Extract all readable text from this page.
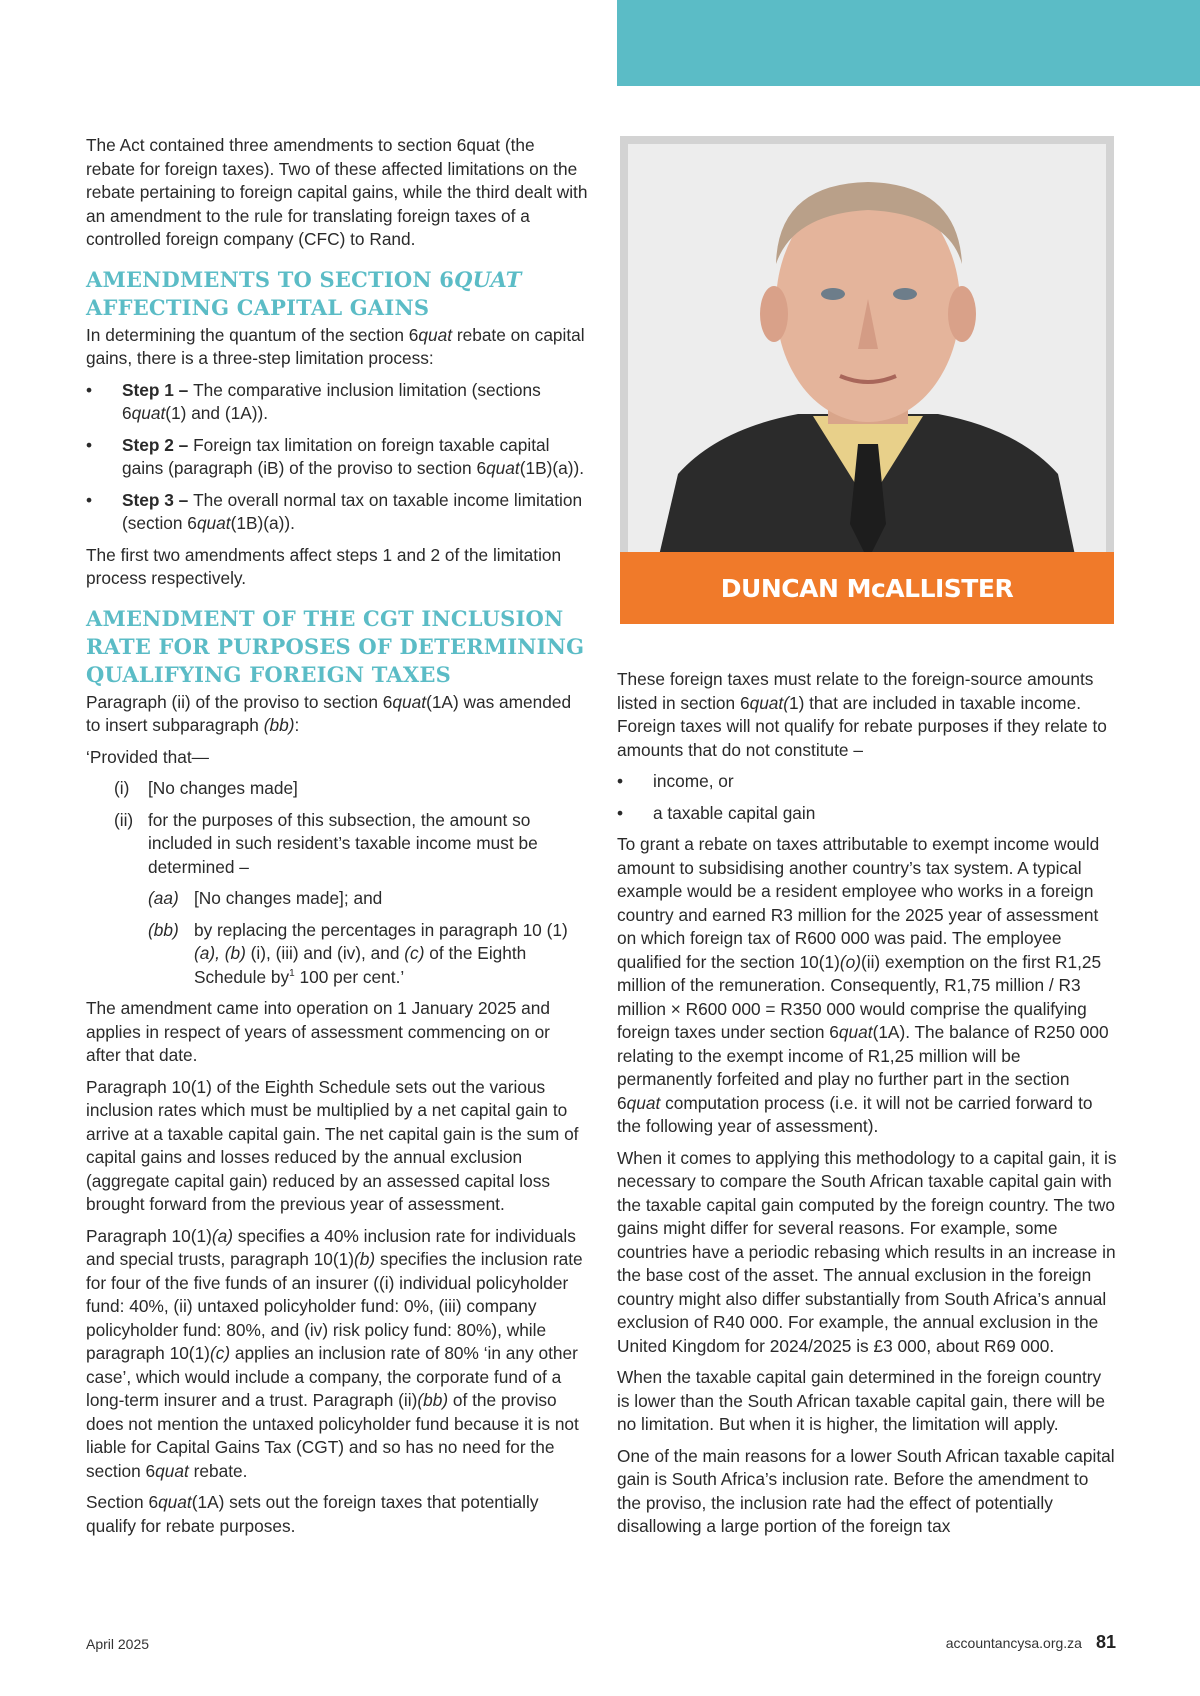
The Act contained three amendments to section 6quat (the rebate for foreign taxes). Two of these affected limitations on the rebate pertaining to foreign capital gains, while the third dealt with an amendment to the rule for translating foreign taxes of a controlled foreign company (CFC) to Rand.

AMENDMENTS TO SECTION 6QUAT AFFECTING CAPITAL GAINS

In determining the quantum of the section 6quat rebate on capital gains, there is a three-step limitation process:

• Step 1 – The comparative inclusion limitation (sections 6quat(1) and (1A)).
• Step 2 – Foreign tax limitation on foreign taxable capital gains (paragraph (iB) of the proviso to section 6quat(1B)(a)).
• Step 3 – The overall normal tax on taxable income limitation (section 6quat(1B)(a)).

The first two amendments affect steps 1 and 2 of the limitation process respectively.

AMENDMENT OF THE CGT INCLUSION RATE FOR PURPOSES OF DETERMINING QUALIFYING FOREIGN TAXES

Paragraph (ii) of the proviso to section 6quat(1A) was amended to insert subparagraph (bb):

‘Provided that—

(i) [No changes made]
(ii) for the purposes of this subsection, the amount so included in such resident’s taxable income must be determined –
(aa) [No changes made]; and
(bb) by replacing the percentages in paragraph 10 (1) (a), (b) (i), (iii) and (iv), and (c) of the Eighth Schedule $by^1$ 100 per cent.’

The amendment came into operation on 1 January 2025 and applies in respect of years of assessment commencing on or after that date.

Paragraph 10(1) of the Eighth Schedule sets out the various inclusion rates which must be multiplied by a net capital gain to arrive at a taxable capital gain. The net capital gain is the sum of capital gains and losses reduced by the annual exclusion (aggregate capital gain) reduced by an assessed capital loss brought forward from the previous year of assessment.

Paragraph 10(1)(a) specifies a 40% inclusion rate for individuals and special trusts, paragraph 10(1)(b) specifies the inclusion rate for four of the five funds of an insurer ((i) individual policyholder fund: 40%, (ii) untaxed policyholder fund: 0%, (iii) company policyholder fund: 80%, and (iv) risk policy fund: 80%), while paragraph 10(1)(c) applies an inclusion rate of 80% ‘in any other case’, which would include a company, the corporate fund of a long-term insurer and a trust. Paragraph (ii)(bb) of the proviso does not mention the untaxed policyholder fund because it is not liable for Capital Gains Tax (CGT) and so has no need for the section 6quat rebate.

Section 6quat(1A) sets out the foreign taxes that potentially qualify for rebate purposes.

DUNCAN McALLISTER

These foreign taxes must relate to the foreign-source amounts listed in section 6quat(1) that are included in taxable income. Foreign taxes will not qualify for rebate purposes if they relate to amounts that do not constitute –

• income, or
• a taxable capital gain

To grant a rebate on taxes attributable to exempt income would amount to subsidising another country’s tax system. A typical example would be a resident employee who works in a foreign country and earned R3 million for the 2025 year of assessment on which foreign tax of R600 000 was paid. The employee qualified for the section 10(1)(o)(ii) exemption on the first R1,25 million of the remuneration. Consequently, R1,75 million / R3 million × R600 000 = R350 000 would comprise the qualifying foreign taxes under section 6quat(1A). The balance of R250 000 relating to the exempt income of R1,25 million will be permanently forfeited and play no further part in the section 6quat computation process (i.e. it will not be carried forward to the following year of assessment).

When it comes to applying this methodology to a capital gain, it is necessary to compare the South African taxable capital gain with the taxable capital gain computed by the foreign country. The two gains might differ for several reasons. For example, some countries have a periodic rebasing which results in an increase in the base cost of the asset. The annual exclusion in the foreign country might also differ substantially from South Africa’s annual exclusion of R40 000. For example, the annual exclusion in the United Kingdom for 2024/2025 is £3 000, about R69 000.

When the taxable capital gain determined in the foreign country is lower than the South African taxable capital gain, there will be no limitation. But when it is higher, the limitation will apply.

One of the main reasons for a lower South African taxable capital gain is South Africa’s inclusion rate. Before the amendment to the proviso, the inclusion rate had the effect of potentially disallowing a large portion of the foreign tax

April 2025	accountancysa.org.za 81
